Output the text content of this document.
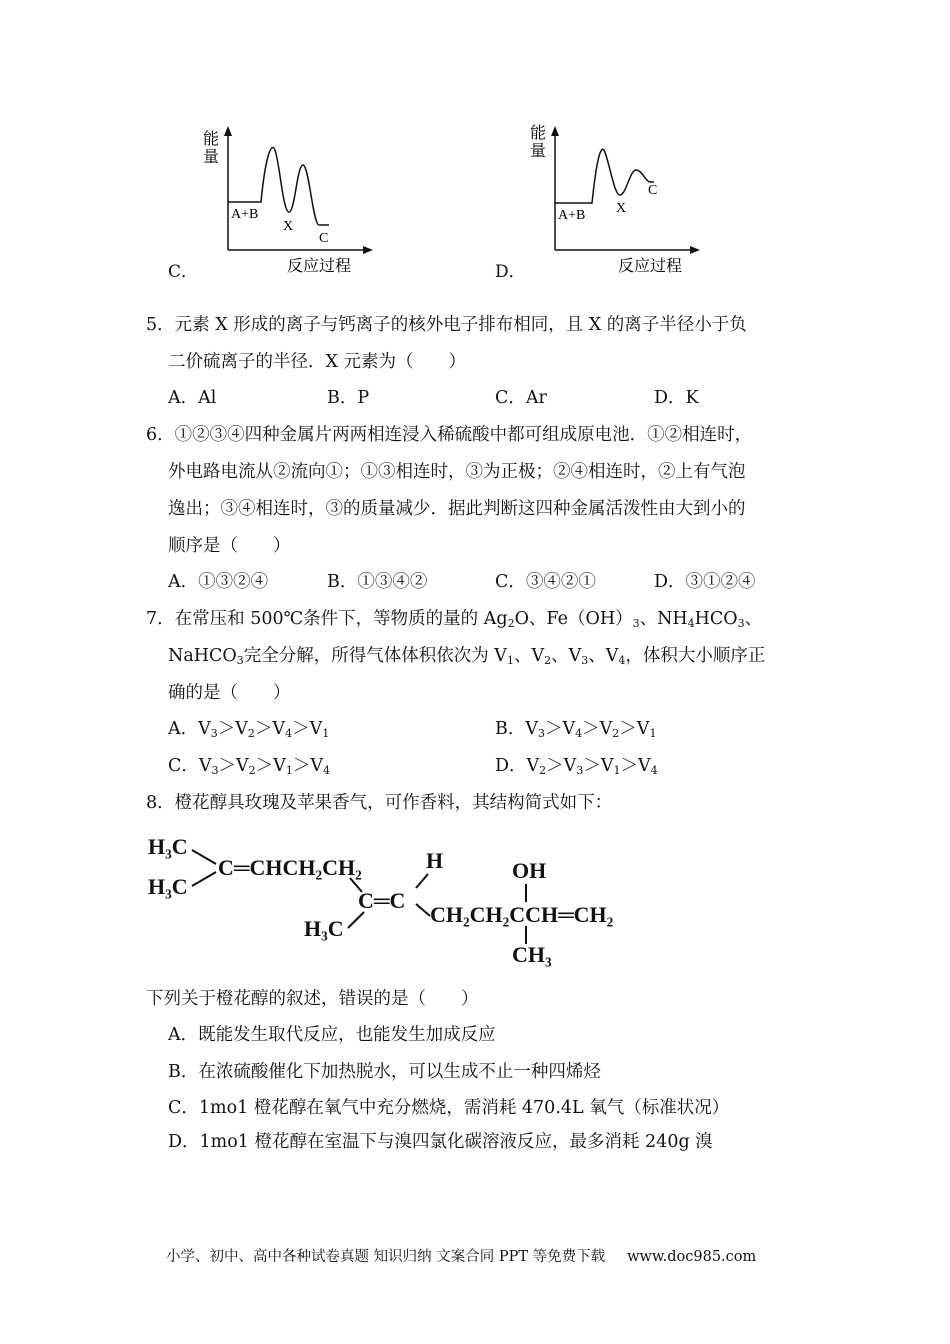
C．
能
量
A+B
X
C
反应过程	D．
能
量
A+B X
C
反应过程
5．元素 X 形成的离子与钙离子的核外电子排布相同，且 X 的离子半径小于负
二价硫离子的半径．X 元素为（　　）
A．Al	B．P	C．Ar	D．K
6．①②③④四种金属片两两相连浸入稀硫酸中都可组成原电池．①②相连时，
外电路电流从②流向①；①③相连时，③为正极；②④相连时，②上有气泡
逸出；③④相连时，③的质量减少．据此判断这四种金属活泼性由大到小的
顺序是（　　）
A．①③②④	B．①③④②	C．③④②①	D．③①②④
7．在常压和 500℃条件下，等物质的量的 $Ag_2O$、$Fe(OH)_3$、$NH_4HCO_3$、
NaHCO$_3$完全分解，所得气体体积依次为 $V_1$、$V_2$、$V_3$、$V_4$，体积大小顺序正
确的是（　　）
A．$V_3>V_2>V_4>V_1$	B．$V_3>V_4>V_2>V_1$
C．$V_3>V_2>V_1>V_4$	D．$V_2>V_3>V_1>V_4$
8．橙花醇具玫瑰及苹果香气，可作香料，其结构简式如下：
H₃C
H₃C
C═CHCH₂CH₂	H
C═C
H₃C
CH₂CH₂CCH═CH₂
OH
CH₃
下列关于橙花醇的叙述，错误的是（　　）
A．既能发生取代反应，也能发生加成反应
B．在浓硫酸催化下加热脱水，可以生成不止一种四烯烃
C．1mo1 橙花醇在氧气中充分燃烧，需消耗 470.4L 氧气（标准状况）
D．1mo1 橙花醇在室温下与溴四氯化碳溶液反应，最多消耗 240g 溴
小学、初中、高中各种试卷真题 知识归纳 文案合同 PPT 等免费下载 www.doc985.com
